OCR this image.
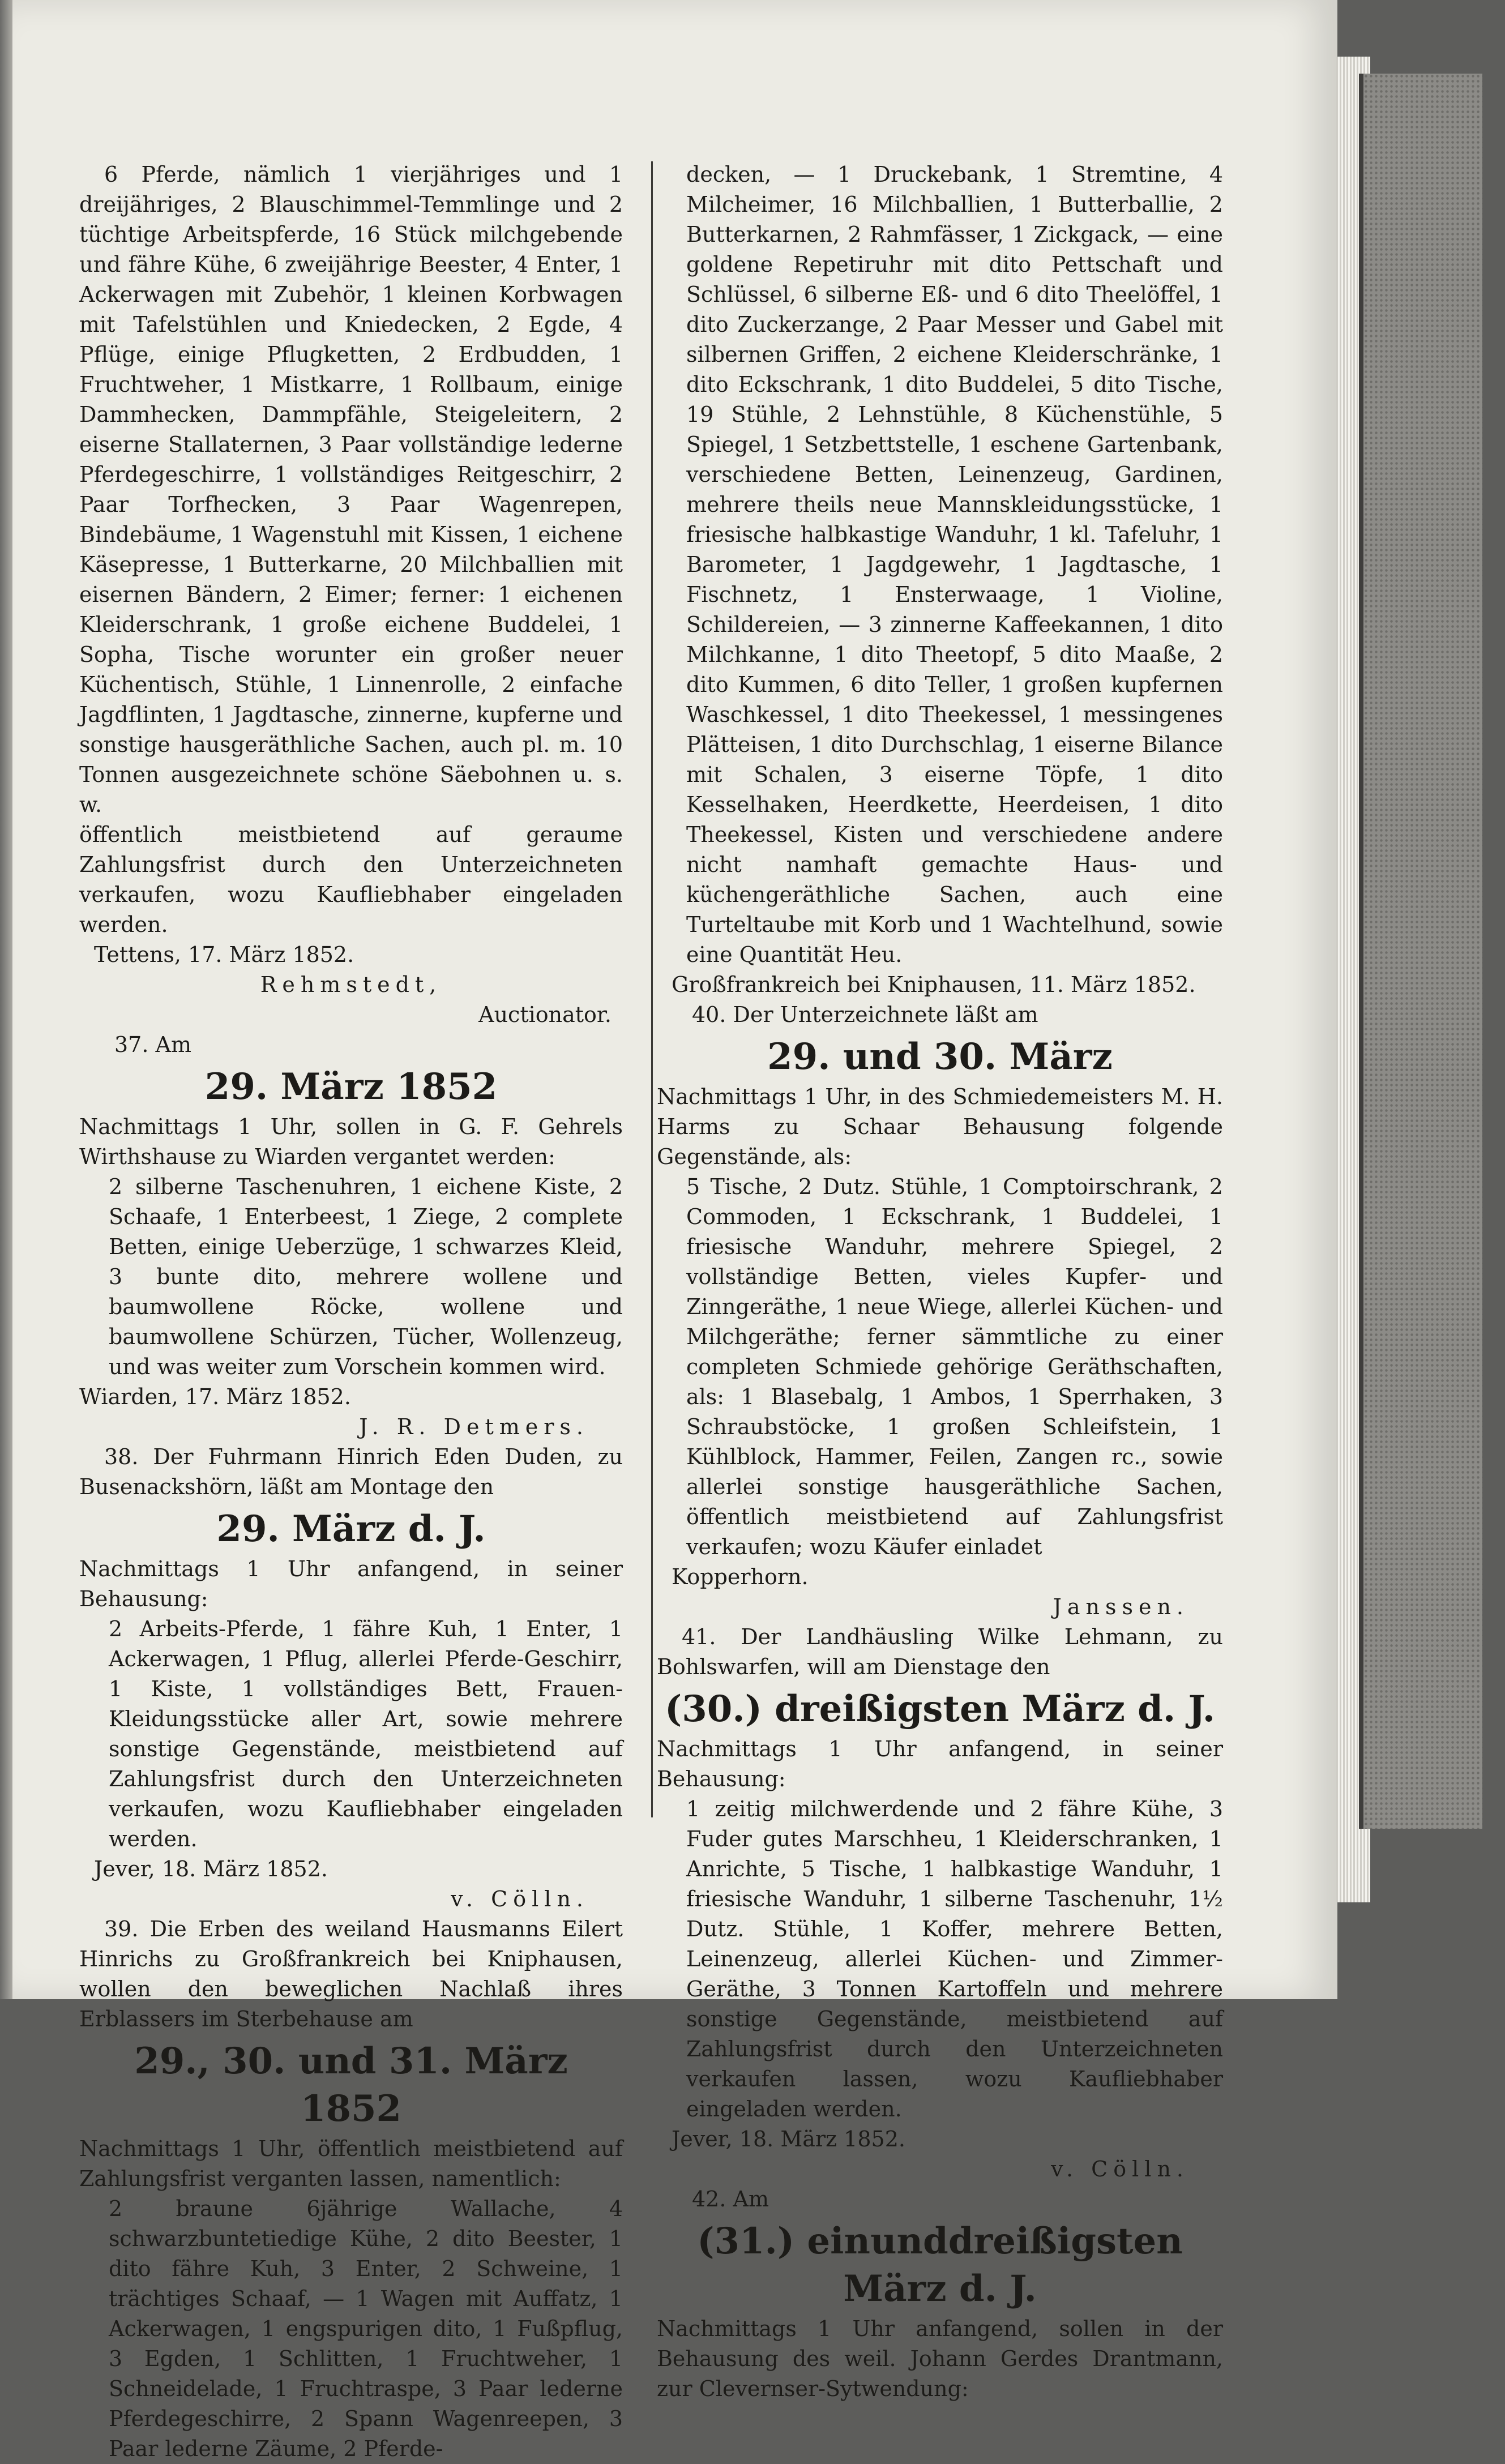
6 Pferde, nämlich 1 vierjähriges und 1 dreijähriges, 2 Blauschimmel-Temmlinge und 2 tüchtige Arbeitspferde, 16 Stück milchgebende und fähre Kühe, 6 zweijährige Beester, 4 Enter, 1 Ackerwagen mit Zubehör, 1 kleinen Korbwagen mit Tafelstühlen und Kniedecken, 2 Egde, 4 Pflüge, einige Pflugketten, 2 Erdbudden, 1 Fruchtweher, 1 Mistkarre, 1 Rollbaum, einige Dammhecken, Dammpfähle, Steigeleitern, 2 eiserne Stallaternen, 3 Paar vollständige lederne Pferdegeschirre, 1 vollständiges Reitgeschirr, 2 Paar Torfhecken, 3 Paar Wagenrepen, Bindebäume, 1 Wagenstuhl mit Kissen, 1 eichene Käsepresse, 1 Butterkarne, 20 Milchballien mit eisernen Bändern, 2 Eimer; ferner: 1 eichenen Kleiderschrank, 1 große eichene Buddelei, 1 Sopha, Tische worunter ein großer neuer Küchentisch, Stühle, 1 Linnenrolle, 2 einfache Jagdflinten, 1 Jagdtasche, zinnerne, kupferne und sonstige hausgeräthliche Sachen, auch pl. m. 10 Tonnen ausgezeichnete schöne Säebohnen u. s. w.

öffentlich meistbietend auf geraume Zahlungsfrist durch den Unterzeichneten verkaufen, wozu Kaufliebhaber eingeladen werden.

Tettens, 17. März 1852.

Rehmstedt,

Auctionator.

37. Am

29. März 1852

Nachmittags 1 Uhr, sollen in G. F. Gehrels Wirthshause zu Wiarden vergantet werden:

2 silberne Taschenuhren, 1 eichene Kiste, 2 Schaafe, 1 Enterbeest, 1 Ziege, 2 complete Betten, einige Ueberzüge, 1 schwarzes Kleid, 3 bunte dito, mehrere wollene und baumwollene Röcke, wollene und baumwollene Schürzen, Tücher, Wollenzeug, und was weiter zum Vorschein kommen wird.

Wiarden, 17. März 1852.

J. R. Detmers.

38. Der Fuhrmann Hinrich Eden Duden, zu Busenackshörn, läßt am Montage den

29. März d. J.

Nachmittags 1 Uhr anfangend, in seiner Behausung:

2 Arbeits-Pferde, 1 fähre Kuh, 1 Enter, 1 Ackerwagen, 1 Pflug, allerlei Pferde-Geschirr, 1 Kiste, 1 vollständiges Bett, Frauen-Kleidungsstücke aller Art, sowie mehrere sonstige Gegenstände, meistbietend auf Zahlungsfrist durch den Unterzeichneten verkaufen, wozu Kaufliebhaber eingeladen werden.

Jever, 18. März 1852.

v. Cölln.

39. Die Erben des weiland Hausmanns Eilert Hinrichs zu Großfrankreich bei Kniphausen, wollen den beweglichen Nachlaß ihres Erblassers im Sterbehause am

29., 30. und 31. März 1852

Nachmittags 1 Uhr, öffentlich meistbietend auf Zahlungsfrist verganten lassen, namentlich:

2 braune 6jährige Wallache, 4 schwarzbuntetiedige Kühe, 2 dito Beester, 1 dito fähre Kuh, 3 Enter, 2 Schweine, 1 trächtiges Schaaf, — 1 Wagen mit Auffatz, 1 Ackerwagen, 1 engspurigen dito, 1 Fußpflug, 3 Egden, 1 Schlitten, 1 Fruchtweher, 1 Schneidelade, 1 Fruchtraspe, 3 Paar lederne Pferdegeschirre, 2 Spann Wagenreepen, 3 Paar lederne Zäume, 2 Pferde-

decken, — 1 Druckebank, 1 Stremtine, 4 Milcheimer, 16 Milchballien, 1 Butterballie, 2 Butterkarnen, 2 Rahmfässer, 1 Zickgack, — eine goldene Repetiruhr mit dito Pettschaft und Schlüssel, 6 silberne Eß- und 6 dito Theelöffel, 1 dito Zuckerzange, 2 Paar Messer und Gabel mit silbernen Griffen, 2 eichene Kleiderschränke, 1 dito Eckschrank, 1 dito Buddelei, 5 dito Tische, 19 Stühle, 2 Lehnstühle, 8 Küchenstühle, 5 Spiegel, 1 Setzbettstelle, 1 eschene Gartenbank, verschiedene Betten, Leinenzeug, Gardinen, mehrere theils neue Mannskleidungsstücke, 1 friesische halbkastige Wanduhr, 1 kl. Tafeluhr, 1 Barometer, 1 Jagdgewehr, 1 Jagdtasche, 1 Fischnetz, 1 Ensterwaage, 1 Violine, Schildereien, — 3 zinnerne Kaffeekannen, 1 dito Milchkanne, 1 dito Theetopf, 5 dito Maaße, 2 dito Kummen, 6 dito Teller, 1 großen kupfernen Waschkessel, 1 dito Theekessel, 1 messingenes Plätteisen, 1 dito Durchschlag, 1 eiserne Bilance mit Schalen, 3 eiserne Töpfe, 1 dito Kesselhaken, Heerdkette, Heerdeisen, 1 dito Theekessel, Kisten und verschiedene andere nicht namhaft gemachte Haus- und küchengeräthliche Sachen, auch eine Turteltaube mit Korb und 1 Wachtelhund, sowie eine Quantität Heu.

Großfrankreich bei Kniphausen, 11. März 1852.

40. Der Unterzeichnete läßt am

29. und 30. März

Nachmittags 1 Uhr, in des Schmiedemeisters M. H. Harms zu Schaar Behausung folgende Gegenstände, als:

5 Tische, 2 Dutz. Stühle, 1 Comptoirschrank, 2 Commoden, 1 Eckschrank, 1 Buddelei, 1 friesische Wanduhr, mehrere Spiegel, 2 vollständige Betten, vieles Kupfer- und Zinngeräthe, 1 neue Wiege, allerlei Küchen- und Milchgeräthe; ferner sämmtliche zu einer completen Schmiede gehörige Geräthschaften, als: 1 Blasebalg, 1 Ambos, 1 Sperrhaken, 3 Schraubstöcke, 1 großen Schleifstein, 1 Kühlblock, Hammer, Feilen, Zangen rc., sowie allerlei sonstige hausgeräthliche Sachen, öffentlich meistbietend auf Zahlungsfrist verkaufen; wozu Käufer einladet

Kopperhorn.

Janssen.

41. Der Landhäusling Wilke Lehmann, zu Bohlswarfen, will am Dienstage den

(30.) dreißigsten März d. J.

Nachmittags 1 Uhr anfangend, in seiner Behausung:

1 zeitig milchwerdende und 2 fähre Kühe, 3 Fuder gutes Marschheu, 1 Kleiderschranken, 1 Anrichte, 5 Tische, 1 halbkastige Wanduhr, 1 friesische Wanduhr, 1 silberne Taschenuhr, 1½ Dutz. Stühle, 1 Koffer, mehrere Betten, Leinenzeug, allerlei Küchen- und Zimmer-Geräthe, 3 Tonnen Kartoffeln und mehrere sonstige Gegenstände, meistbietend auf Zahlungsfrist durch den Unterzeichneten verkaufen lassen, wozu Kaufliebhaber eingeladen werden.

Jever, 18. März 1852.

v. Cölln.

42. Am

(31.) einunddreißigsten März d. J.

Nachmittags 1 Uhr anfangend, sollen in der Behausung des weil. Johann Gerdes Drantmann, zur Clevernser-Sytwendung:
